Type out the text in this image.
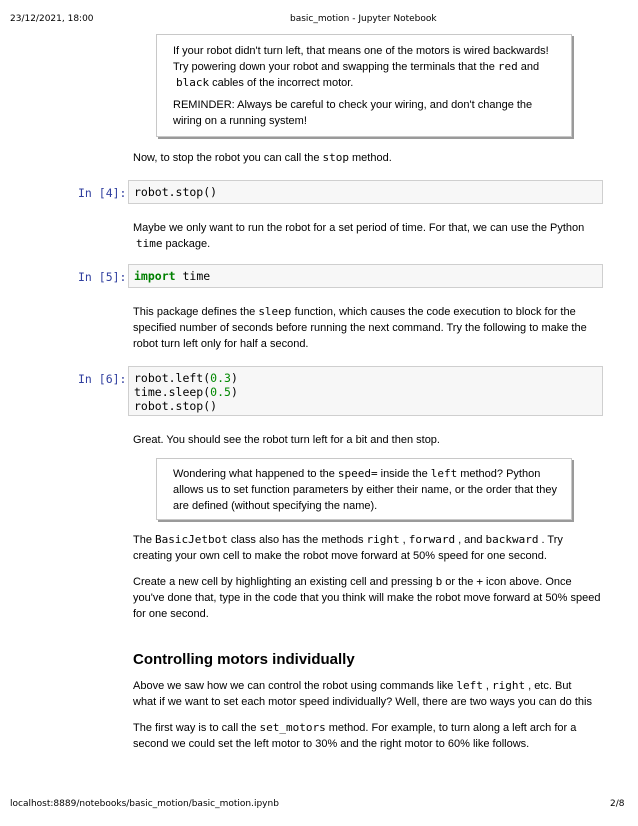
23/12/2021, 18:00	basic_motion - Jupyter Notebook

If your robot didn't turn left, that means one of the motors is wired backwards!

Try powering down your robot and swapping the terminals that the red and

black cables of the incorrect motor.

REMINDER: Always be careful to check your wiring, and don't change the

wiring on a running system!

Now, to stop the robot you can call the stop method.

In [4]: robot.stop()

Maybe we only want to run the robot for a set period of time. For that, we can use the Python

time package.

In [5]: import time

This package defines the sleep function, which causes the code execution to block for the

specified number of seconds before running the next command. Try the following to make the

robot turn left only for half a second.

In [6]: robot.left(0.3)
time.sleep(0.5)
robot.stop()

Great. You should see the robot turn left for a bit and then stop.

Wondering what happened to the speed= inside the left method? Python

allows us to set function parameters by either their name, or the order that they

are defined (without specifying the name).

The BasicJetbot class also has the methods right , forward , and backward . Try

creating your own cell to make the robot move forward at 50% speed for one second.

Create a new cell by highlighting an existing cell and pressing b or the + icon above. Once

you've done that, type in the code that you think will make the robot move forward at 50% speed

for one second.

Controlling motors individually

Above we saw how we can control the robot using commands like left , right , etc. But

what if we want to set each motor speed individually? Well, there are two ways you can do this

The first way is to call the set_motors method. For example, to turn along a left arch for a

second we could set the left motor to 30% and the right motor to 60% like follows.

localhost:8889/notebooks/basic_motion/basic_motion.ipynb	2/8
